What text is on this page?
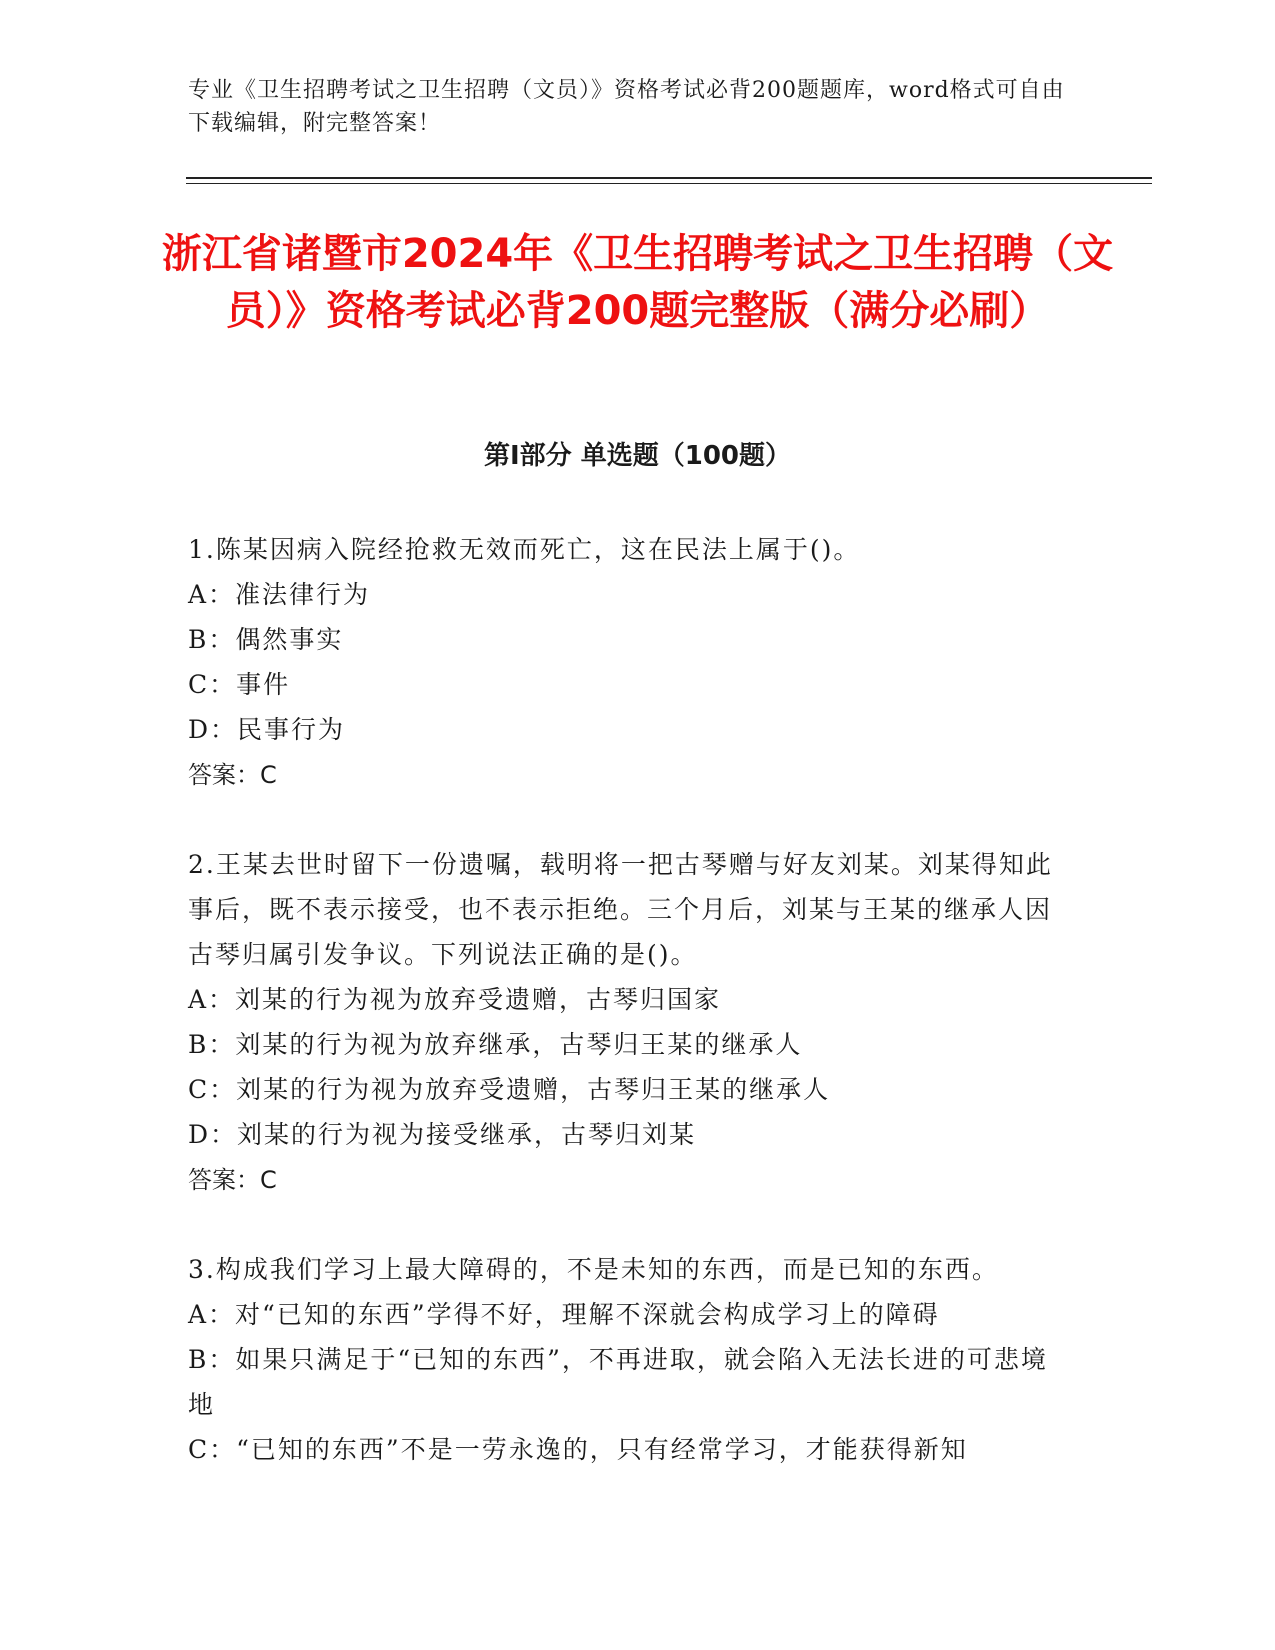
专业《卫生招聘考试之卫生招聘（文员）》资格考试必背200题题库，word格式可自由下载编辑，附完整答案！
浙江省诸暨市2024年《卫生招聘考试之卫生招聘（文员）》资格考试必背200题完整版（满分必刷）
第Ⅰ部分 单选题（100题）
1.陈某因病入院经抢救无效而死亡，这在民法上属于()。
A：准法律行为
B：偶然事实
C：事件
D：民事行为
答案：C
2.王某去世时留下一份遗嘱，载明将一把古琴赠与好友刘某。刘某得知此事后，既不表示接受，也不表示拒绝。三个月后，刘某与王某的继承人因古琴归属引发争议。下列说法正确的是()。
A：刘某的行为视为放弃受遗赠，古琴归国家
B：刘某的行为视为放弃继承，古琴归王某的继承人
C：刘某的行为视为放弃受遗赠，古琴归王某的继承人
D：刘某的行为视为接受继承，古琴归刘某
答案：C
3.构成我们学习上最大障碍的，不是未知的东西，而是已知的东西。
A：对“已知的东西”学得不好，理解不深就会构成学习上的障碍
B：如果只满足于“已知的东西”，不再进取，就会陷入无法长进的可悲境地
C：“已知的东西”不是一劳永逸的，只有经常学习，才能获得新知
